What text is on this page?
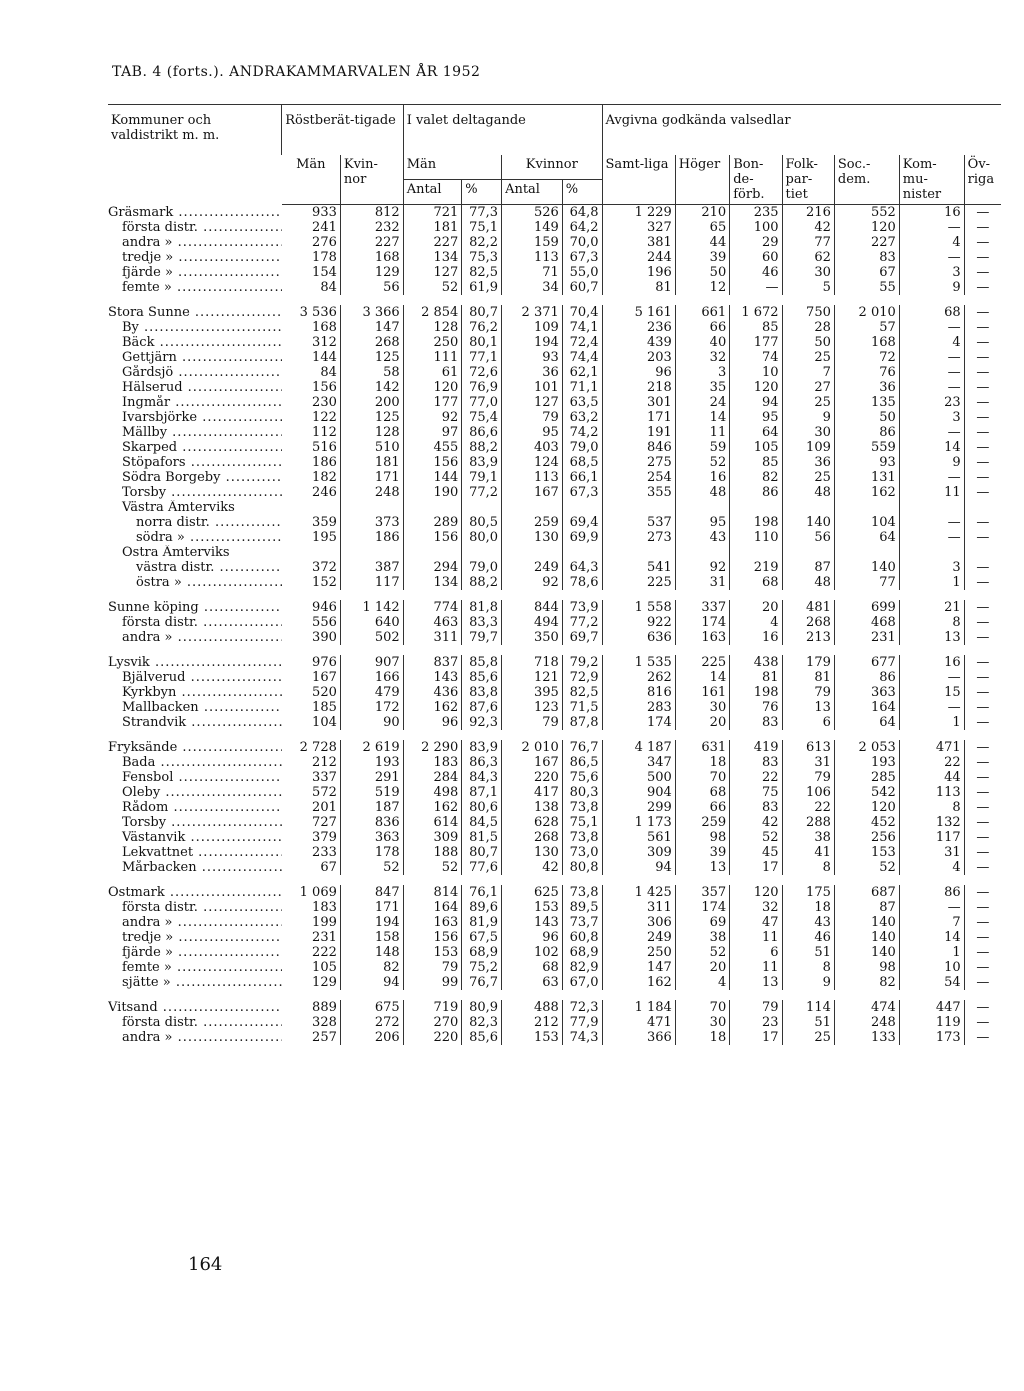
TAB. 4 (forts.). ANDRAKAMMARVALEN ÅR 1952
Kommuner och valdistrikt m. m.	Röstberät-tigade		I valet deltagande				Avgivna godkända valsedlar						
	Män	Kvin-nor	Män		Kvinnor		Samt-liga	Höger	Bon-de-förb.	Folk-par-tiet	Soc.-dem.	Kom-mu-nister	Öv-riga
			Antal	%	Antal	%							
Gräsmark .....	933	812	721	77,3	526	64,8	1 229	210	235	216	552	16	—
första distr. .....	241	232	181	75,1	149	64,2	327	65	100	42	120	—	—
andra » .....	276	227	227	82,2	159	70,0	381	44	29	77	227	4	—
tredje » .....	178	168	134	75,3	113	67,3	244	39	60	62	83	—	—
fjärde » .....	154	129	127	82,5	71	55,0	196	50	46	30	67	3	—
femte » .....	84	56	52	61,9	34	60,7	81	12	—	5	55	9	—

Stora Sunne .....	3 536	3 366	2 854	80,7	2 371	70,4	5 161	661	1 672	750	2 010	68	—
By .....	168	147	128	76,2	109	74,1	236	66	85	28	57	—	—
Bäck .....	312	268	250	80,1	194	72,4	439	40	177	50	168	4	—
Gettjärn .....	144	125	111	77,1	93	74,4	203	32	74	25	72	—	—
Gårdsjö .....	84	58	61	72,6	36	62,1	96	3	10	7	76	—	—
Hälserud .....	156	142	120	76,9	101	71,1	218	35	120	27	36	—	—
Ingmår .....	230	200	177	77,0	127	63,5	301	24	94	25	135	23	—
Ivarsbjörke .....	122	125	92	75,4	79	63,2	171	14	95	9	50	3	—
Mällby .....	112	128	97	86,6	95	74,2	191	11	64	30	86	—	—
Skarped .....	516	510	455	88,2	403	79,0	846	59	105	109	559	14	—
Stöpafors .....	186	181	156	83,9	124	68,5	275	52	85	36	93	9	—
Södra Borgeby .....	182	171	144	79,1	113	66,1	254	16	82	25	131	—	—
Torsby .....	246	248	190	77,2	167	67,3	355	48	86	48	162	11	—
Västra Ämterviks													
norra distr. .....	359	373	289	80,5	259	69,4	537	95	198	140	104	—	—
södra » .....	195	186	156	80,0	130	69,9	273	43	110	56	64	—	—
Östra Ämterviks													
västra distr. .....	372	387	294	79,0	249	64,3	541	92	219	87	140	3	—
östra » .....	152	117	134	88,2	92	78,6	225	31	68	48	77	1	—

Sunne köping .....	946	1 142	774	81,8	844	73,9	1 558	337	20	481	699	21	—
första distr. .....	556	640	463	83,3	494	77,2	922	174	4	268	468	8	—
andra » .....	390	502	311	79,7	350	69,7	636	163	16	213	231	13	—

Lysvik .....	976	907	837	85,8	718	79,2	1 535	225	438	179	677	16	—
Bjälverud .....	167	166	143	85,6	121	72,9	262	14	81	81	86	—	—
Kyrkbyn .....	520	479	436	83,8	395	82,5	816	161	198	79	363	15	—
Mallbacken .....	185	172	162	87,6	123	71,5	283	30	76	13	164	—	—
Strandvik .....	104	90	96	92,3	79	87,8	174	20	83	6	64	1	—

Fryksände .....	2 728	2 619	2 290	83,9	2 010	76,7	4 187	631	419	613	2 053	471	—
Bada .....	212	193	183	86,3	167	86,5	347	18	83	31	193	22	—
Fensbol .....	337	291	284	84,3	220	75,6	500	70	22	79	285	44	—
Oleby .....	572	519	498	87,1	417	80,3	904	68	75	106	542	113	—
Rådom .....	201	187	162	80,6	138	73,8	299	66	83	22	120	8	—
Torsby .....	727	836	614	84,5	628	75,1	1 173	259	42	288	452	132	—
Västanvik .....	379	363	309	81,5	268	73,8	561	98	52	38	256	117	—
Lekvattnet .....	233	178	188	80,7	130	73,0	309	39	45	41	153	31	—
Mårbacken .....	67	52	52	77,6	42	80,8	94	13	17	8	52	4	—

Östmark .....	1 069	847	814	76,1	625	73,8	1 425	357	120	175	687	86	—
första distr. .....	183	171	164	89,6	153	89,5	311	174	32	18	87	—	—
andra » .....	199	194	163	81,9	143	73,7	306	69	47	43	140	7	—
tredje » .....	231	158	156	67,5	96	60,8	249	38	11	46	140	14	—
fjärde » .....	222	148	153	68,9	102	68,9	250	52	6	51	140	1	—
femte » .....	105	82	79	75,2	68	82,9	147	20	11	8	98	10	—
sjätte » .....	129	94	99	76,7	63	67,0	162	4	13	9	82	54	—

Vitsand .....	889	675	719	80,9	488	72,3	1 184	70	79	114	474	447	—
första distr. .....	328	272	270	82,3	212	77,9	471	30	23	51	248	119	—
andra » .....	257	206	220	85,6	153	74,3	366	18	17	25	133	173	—
164
